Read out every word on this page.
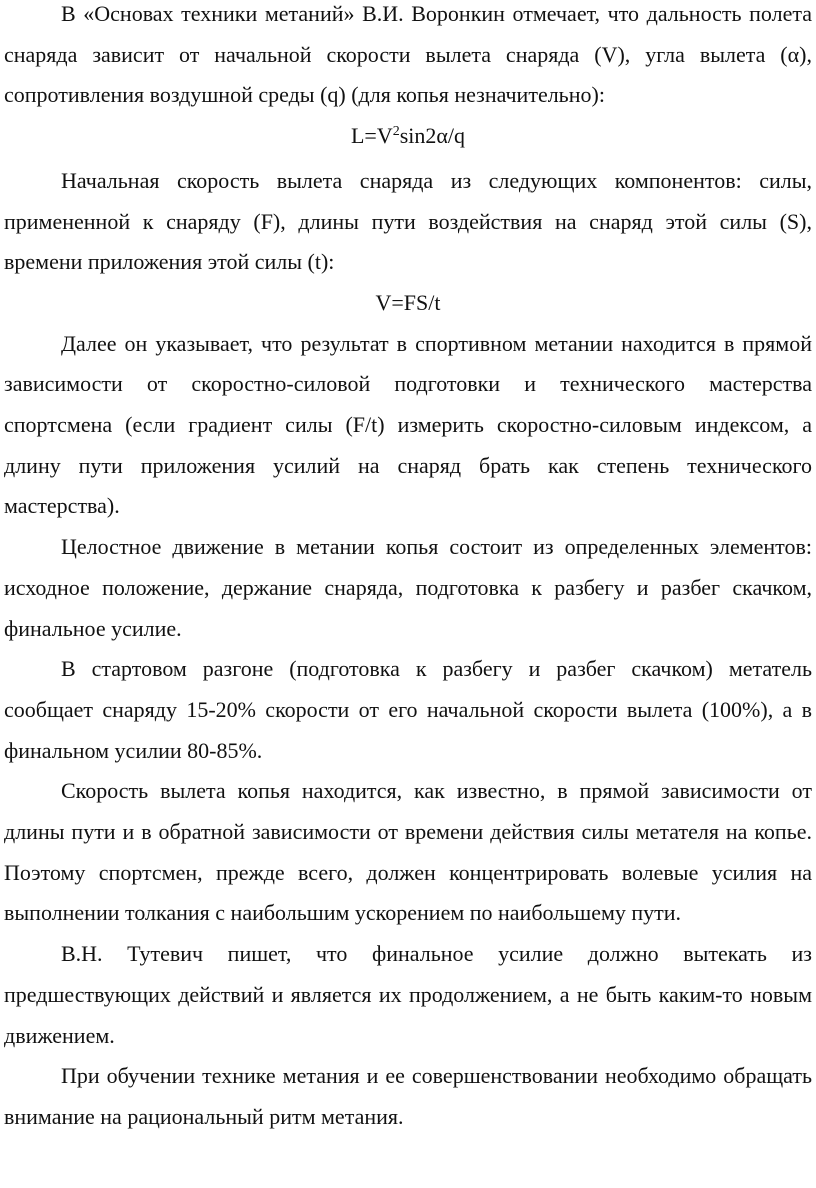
В «Основах техники метаний» В.И. Воронкин отмечает, что дальность полета снаряда зависит от начальной скорости вылета снаряда (V), угла вылета (α), сопротивления воздушной среды (q) (для копья незначительно):

$L=V^2\sin 2\alpha/q$

Начальная скорость вылета снаряда из следующих компонентов: силы, примененной к снаряду (F), длины пути воздействия на снаряд этой силы (S), времени приложения этой силы (t):

V=FS/t

Далее он указывает, что результат в спортивном метании находится в прямой зависимости от скоростно-силовой подготовки и технического мастерства спортсмена (если градиент силы (F/t) измерить скоростно-силовым индексом, а длину пути приложения усилий на снаряд брать как степень технического мастерства).

Целостное движение в метании копья состоит из определенных элементов: исходное положение, держание снаряда, подготовка к разбегу и разбег скачком, финальное усилие.

В стартовом разгоне (подготовка к разбегу и разбег скачком) метатель сообщает снаряду 15-20% скорости от его начальной скорости вылета (100%), а в финальном усилии 80-85%.

Скорость вылета копья находится, как известно, в прямой зависимости от длины пути и в обратной зависимости от времени действия силы метателя на копье. Поэтому спортсмен, прежде всего, должен концентрировать волевые усилия на выполнении толкания с наибольшим ускорением по наибольшему пути.

В.Н. Тутевич пишет, что финальное усилие должно вытекать из предшествующих действий и является их продолжением, а не быть каким-то новым движением.

При обучении технике метания и ее совершенствовании необходимо обращать внимание на рациональный ритм метания.
